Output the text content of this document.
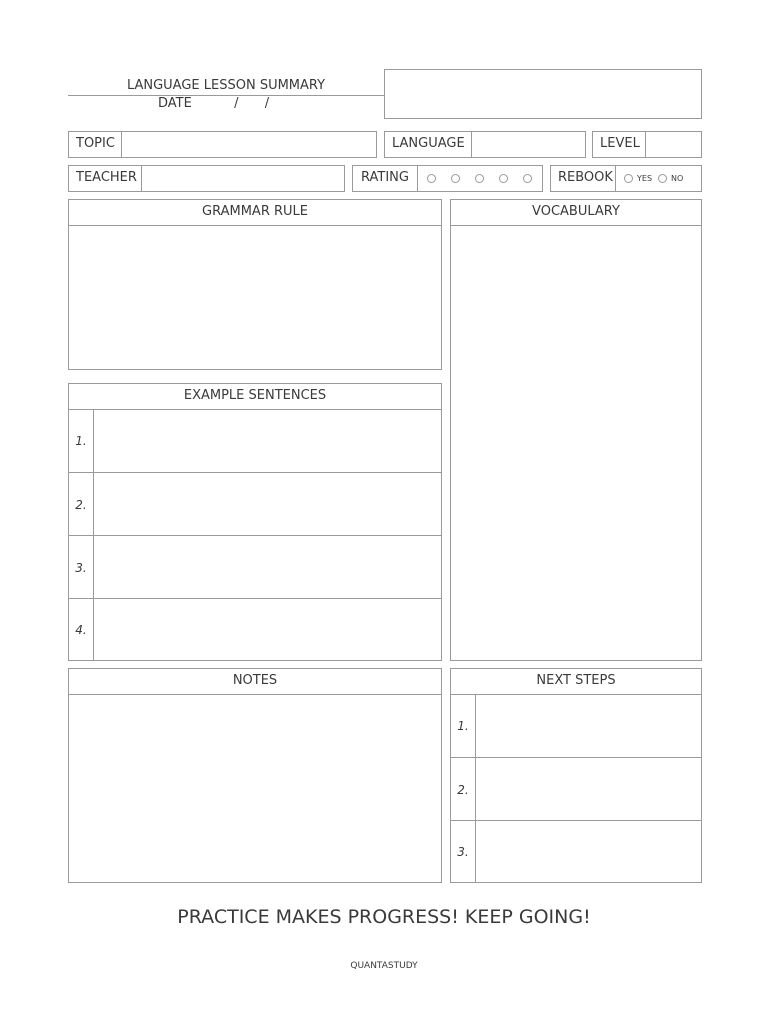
LANGUAGE LESSON SUMMARY
DATE	/ /
TOPIC	LANGUAGE	LEVEL
TEACHER	RATING	REBOOK	YES NO
GRAMMAR RULE	VOCABULARY
EXAMPLE SENTENCES
1.
2.
3.
4.
NOTES	NEXT STEPS
1.
2.
3.
PRACTICE MAKES PROGRESS! KEEP GOING!
QUANTASTUDY
